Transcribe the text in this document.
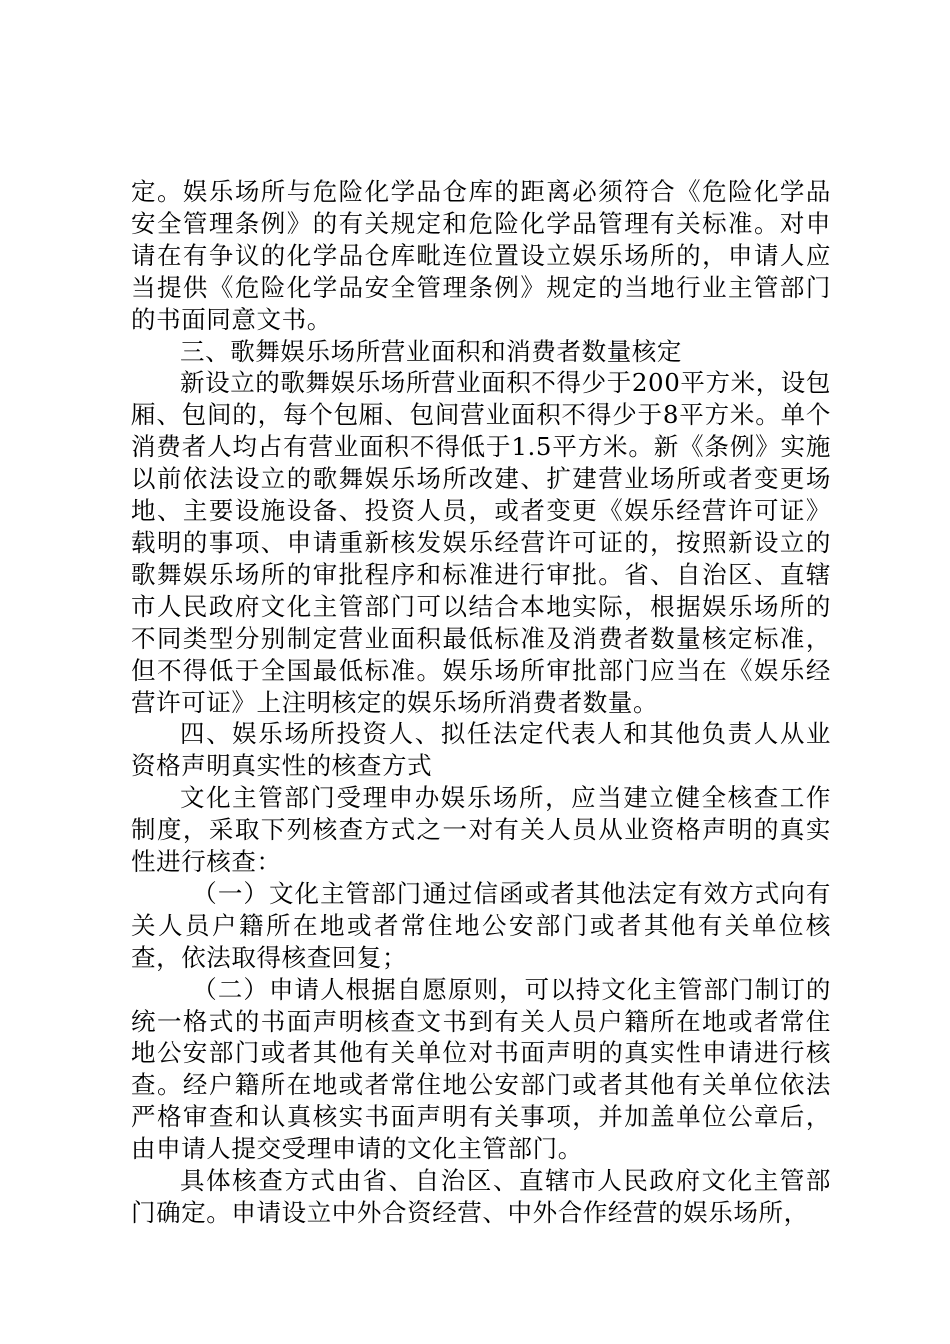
定。娱乐场所与危险化学品仓库的距离必须符合《危险化学品安全管理条例》的有关规定和危险化学品管理有关标准。对申请在有争议的化学品仓库毗连位置设立娱乐场所的，申请人应当提供《危险化学品安全管理条例》规定的当地行业主管部门的书面同意文书。

三、歌舞娱乐场所营业面积和消费者数量核定

新设立的歌舞娱乐场所营业面积不得少于200平方米，设包厢、包间的，每个包厢、包间营业面积不得少于8平方米。单个消费者人均占有营业面积不得低于1.5平方米。新《条例》实施以前依法设立的歌舞娱乐场所改建、扩建营业场所或者变更场地、主要设施设备、投资人员，或者变更《娱乐经营许可证》载明的事项、申请重新核发娱乐经营许可证的，按照新设立的歌舞娱乐场所的审批程序和标准进行审批。省、自治区、直辖市人民政府文化主管部门可以结合本地实际，根据娱乐场所的不同类型分别制定营业面积最低标准及消费者数量核定标准，但不得低于全国最低标准。娱乐场所审批部门应当在《娱乐经营许可证》上注明核定的娱乐场所消费者数量。

四、娱乐场所投资人、拟任法定代表人和其他负责人从业资格声明真实性的核查方式

文化主管部门受理申办娱乐场所，应当建立健全核查工作制度，采取下列核查方式之一对有关人员从业资格声明的真实性进行核查：

（一）文化主管部门通过信函或者其他法定有效方式向有关人员户籍所在地或者常住地公安部门或者其他有关单位核查，依法取得核查回复；

（二）申请人根据自愿原则，可以持文化主管部门制订的统一格式的书面声明核查文书到有关人员户籍所在地或者常住地公安部门或者其他有关单位对书面声明的真实性申请进行核查。经户籍所在地或者常住地公安部门或者其他有关单位依法严格审查和认真核实书面声明有关事项，并加盖单位公章后，由申请人提交受理申请的文化主管部门。

具体核查方式由省、自治区、直辖市人民政府文化主管部门确定。申请设立中外合资经营、中外合作经营的娱乐场所，
